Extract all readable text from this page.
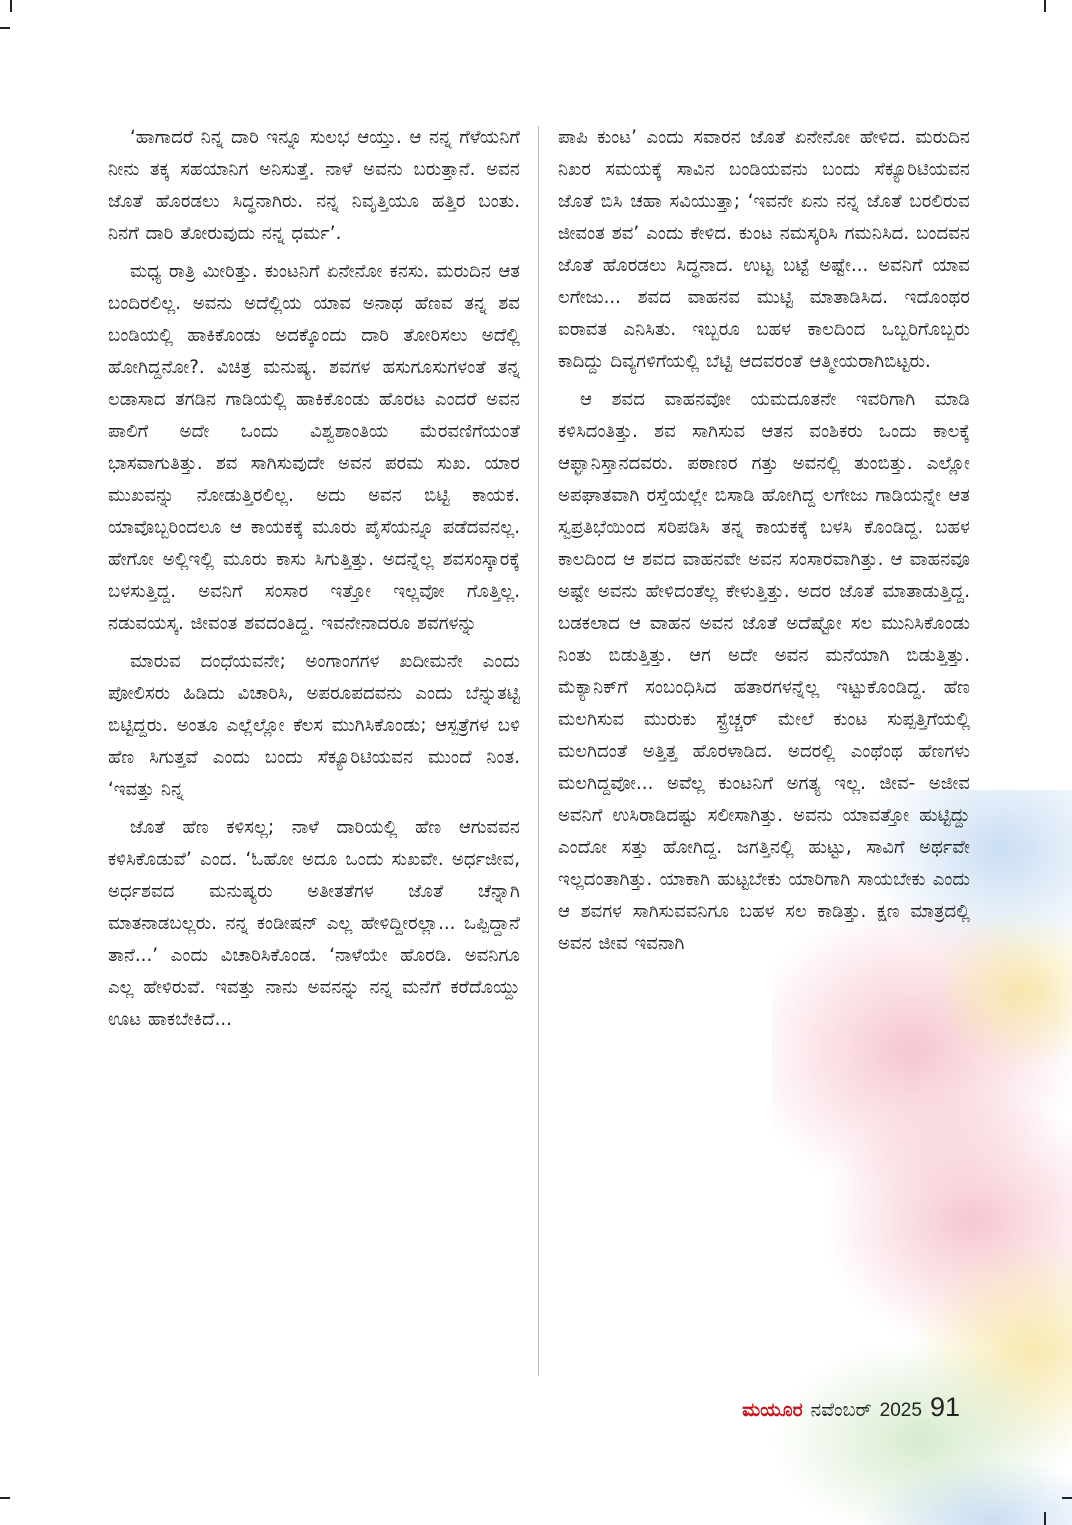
‘ಹಾಗಾದರೆ ನಿನ್ನ ದಾರಿ ಇನ್ನೂ ಸುಲಭ ಆಯ್ತು. ಆ ನನ್ನ ಗೆಳೆಯನಿಗೆ ನೀನು ತಕ್ಕ ಸಹಯಾನಿಗ ಅನಿಸುತ್ತೆ. ನಾಳೆ ಅವನು ಬರುತ್ತಾನೆ. ಅವನ ಜೊತೆ ಹೊರಡಲು ಸಿದ್ಧನಾಗಿರು. ನನ್ನ ನಿವೃತ್ತಿಯೂ ಹತ್ತಿರ ಬಂತು. ನಿನಗೆ ದಾರಿ ತೋರುವುದು ನನ್ನ ಧರ್ಮ’.

ಮಧ್ಯ ರಾತ್ರಿ ಮೀರಿತ್ತು. ಕುಂಟನಿಗೆ ಏನೇನೋ ಕನಸು. ಮರುದಿನ ಆತ ಬಂದಿರಲಿಲ್ಲ. ಅವನು ಅದೆಲ್ಲಿಯ ಯಾವ ಅನಾಥ ಹೆಣವ ತನ್ನ ಶವ ಬಂಡಿಯಲ್ಲಿ ಹಾಕಿಕೊಂಡು ಅದಕ್ಕೊಂದು ದಾರಿ ತೋರಿಸಲು ಅದೆಲ್ಲಿ ಹೋಗಿದ್ದನೋ?. ವಿಚಿತ್ರ ಮನುಷ್ಯ. ಶವಗಳ ಹಸುಗೂಸುಗಳಂತೆ ತನ್ನ ಲಡಾಸಾದ ತಗಡಿನ ಗಾಡಿಯಲ್ಲಿ ಹಾಕಿಕೊಂಡು ಹೊರಟ ಎಂದರೆ ಅವನ ಪಾಲಿಗೆ ಅದೇ ಒಂದು ವಿಶ್ವಶಾಂತಿಯ ಮೆರವಣಿಗೆಯಂತೆ ಭಾಸವಾಗುತಿತ್ತು. ಶವ ಸಾಗಿಸುವುದೇ ಅವನ ಪರಮ ಸುಖ. ಯಾರ ಮುಖವನ್ನು ನೋಡುತ್ತಿರಲಿಲ್ಲ. ಅದು ಅವನ ಬಿಟ್ಟಿ ಕಾಯಕ. ಯಾವೊಬ್ಬರಿಂದಲೂ ಆ ಕಾಯಕಕ್ಕೆ ಮೂರು ಪೈಸೆಯನ್ನೂ ಪಡೆದವನಲ್ಲ. ಹೇಗೋ ಅಲ್ಲಿಇಲ್ಲಿ ಮೂರು ಕಾಸು ಸಿಗುತ್ತಿತ್ತು. ಅದನ್ನೆಲ್ಲ ಶವಸಂಸ್ಕಾರಕ್ಕೆ ಬಳಸುತ್ತಿದ್ದ. ಅವನಿಗೆ ಸಂಸಾರ ಇತ್ತೋ ಇಲ್ಲವೋ ಗೊತ್ತಿಲ್ಲ. ನಡುವಯಸ್ಕ. ಜೀವಂತ ಶವದಂತಿದ್ದ. ಇವನೇನಾದರೂ ಶವಗಳನ್ನು

ಮಾರುವ ದಂಧೆಯವನೇ; ಅಂಗಾಂಗಗಳ ಖದೀಮನೇ ಎಂದು ಪೋಲಿಸರು ಹಿಡಿದು ವಿಚಾರಿಸಿ, ಅಪರೂಪದವನು ಎಂದು ಬೆನ್ನುತಟ್ಟಿ ಬಿಟ್ಟಿದ್ದರು. ಅಂತೂ ಎಲ್ಲೆಲ್ಲೋ ಕೆಲಸ ಮುಗಿಸಿಕೊಂಡು; ಆಸ್ಪತ್ರೆಗಳ ಬಳಿ ಹೆಣ ಸಿಗುತ್ತವೆ ಎಂದು ಬಂದು ಸೆಕ್ಯೂರಿಟಿಯವನ ಮುಂದೆ ನಿಂತ. ‘ಇವತ್ತು ನಿನ್ನ

ಜೊತೆ ಹೆಣ ಕಳಿಸಲ್ಲ; ನಾಳೆ ದಾರಿಯಲ್ಲಿ ಹೆಣ ಆಗುವವನ ಕಳಿಸಿಕೊಡುವೆ’ ಎಂದ. ‘ಓಹೋ ಅದೂ ಒಂದು ಸುಖವೇ. ಅರ್ಧಜೀವ, ಅರ್ಧಶವದ ಮನುಷ್ಯರು ಅತೀತತೆಗಳ ಜೊತೆ ಚೆನ್ನಾಗಿ ಮಾತನಾಡಬಲ್ಲರು. ನನ್ನ ಕಂಡೀಷನ್ ಎಲ್ಲ ಹೇಳಿದ್ದೀರಲ್ಲಾ... ಒಪ್ಪಿದ್ದಾನೆ ತಾನೆ...’ ಎಂದು ವಿಚಾರಿಸಿಕೊಂಡ. ‘ನಾಳೆಯೇ ಹೊರಡಿ. ಅವನಿಗೂ ಎಲ್ಲ ಹೇಳಿರುವೆ. ಇವತ್ತು ನಾನು ಅವನನ್ನು ನನ್ನ ಮನೆಗೆ ಕರೆದೊಯ್ದು ಊಟ ಹಾಕಬೇಕಿದೆ...

ಪಾಪಿ ಕುಂಟ’ ಎಂದು ಸವಾರನ ಜೊತೆ ಏನೇನೋ ಹೇಳಿದ. ಮರುದಿನ ನಿಖರ ಸಮಯಕ್ಕೆ ಸಾವಿನ ಬಂಡಿಯವನು ಬಂದು ಸೆಕ್ಯೂರಿಟಿಯವನ ಜೊತೆ ಬಿಸಿ ಚಹಾ ಸವಿಯುತ್ತಾ; ‘ಇವನೇ ಏನು ನನ್ನ ಜೊತೆ ಬರಲಿರುವ ಜೀವಂತ ಶವ’ ಎಂದು ಕೇಳಿದ. ಕುಂಟ ನಮಸ್ಕರಿಸಿ ಗಮನಿಸಿದ. ಬಂದವನ ಜೊತೆ ಹೊರಡಲು ಸಿದ್ಧನಾದ. ಉಟ್ಟ ಬಟ್ಟೆ ಅಷ್ಟೇ... ಅವನಿಗೆ ಯಾವ ಲಗೇಜು... ಶವದ ವಾಹನವ ಮುಟ್ಟಿ ಮಾತಾಡಿಸಿದ. ಇದೊಂಥರ ಐರಾವತ ಎನಿಸಿತು. ಇಬ್ಬರೂ ಬಹಳ ಕಾಲದಿಂದ ಒಬ್ಬರಿಗೊಬ್ಬರು ಕಾದಿದ್ದು ದಿವ್ಯಗಳಿಗೆಯಲ್ಲಿ ಬೆಟ್ಟಿ ಆದವರಂತೆ ಆತ್ಮೀಯರಾಗಿಬಿಟ್ಟರು.

ಆ ಶವದ ವಾಹನವೋ ಯಮದೂತನೇ ಇವರಿಗಾಗಿ ಮಾಡಿ ಕಳಿಸಿದಂತಿತ್ತು. ಶವ ಸಾಗಿಸುವ ಆತನ ವಂಶಿಕರು ಒಂದು ಕಾಲಕ್ಕೆ ಆಫ್ಘಾನಿಸ್ತಾನದವರು. ಪಠಾಣರ ಗತ್ತು ಅವನಲ್ಲಿ ತುಂಬಿತ್ತು. ಎಲ್ಲೋ ಅಪಘಾತವಾಗಿ ರಸ್ತೆಯಲ್ಲೇ ಬಿಸಾಡಿ ಹೋಗಿದ್ದ ಲಗೇಜು ಗಾಡಿಯನ್ನೇ ಆತ ಸ್ವಪ್ರತಿಭೆಯಿಂದ ಸರಿಪಡಿಸಿ ತನ್ನ ಕಾಯಕಕ್ಕೆ ಬಳಸಿ ಕೊಂಡಿದ್ದ. ಬಹಳ ಕಾಲದಿಂದ ಆ ಶವದ ವಾಹನವೇ ಅವನ ಸಂಸಾರವಾಗಿತ್ತು. ಆ ವಾಹನವೂ ಅಷ್ಟೇ ಅವನು ಹೇಳಿದಂತೆಲ್ಲ ಕೇಳುತ್ತಿತ್ತು. ಅದರ ಜೊತೆ ಮಾತಾಡುತ್ತಿದ್ದ. ಬಡಕಲಾದ ಆ ವಾಹನ ಅವನ ಜೊತೆ ಅದೆಷ್ಟೋ ಸಲ ಮುನಿಸಿಕೊಂಡು ನಿಂತು ಬಿಡುತ್ತಿತ್ತು. ಆಗ ಅದೇ ಅವನ ಮನೆಯಾಗಿ ಬಿಡುತ್ತಿತ್ತು. ಮೆಕ್ಯಾನಿಕ್‌ಗೆ ಸಂಬಂಧಿಸಿದ ಹತಾರಗಳನ್ನೆಲ್ಲ ಇಟ್ಟುಕೊಂಡಿದ್ದ. ಹೆಣ ಮಲಗಿಸುವ ಮುರುಕು ಸ್ಟ್ರೆಚ್ಚರ್ ಮೇಲೆ ಕುಂಟ ಸುಪ್ಪತ್ತಿಗೆಯಲ್ಲಿ ಮಲಗಿದಂತೆ ಅತ್ತಿತ್ತ ಹೊರಳಾಡಿದ. ಅದರಲ್ಲಿ ಎಂಥೆಂಥ ಹೆಣಗಳು ಮಲಗಿದ್ದವೋ... ಅವೆಲ್ಲ ಕುಂಟನಿಗೆ ಅಗತ್ಯ ಇಲ್ಲ. ಜೀವ- ಅಜೀವ ಅವನಿಗೆ ಉಸಿರಾಡಿದಷ್ಟು ಸಲೀಸಾಗಿತ್ತು. ಅವನು ಯಾವತ್ತೋ ಹುಟ್ಟಿದ್ದು ಎಂದೋ ಸತ್ತು ಹೋಗಿದ್ದ. ಜಗತ್ತಿನಲ್ಲಿ ಹುಟ್ಟು, ಸಾವಿಗೆ ಅರ್ಥವೇ ಇಲ್ಲದಂತಾಗಿತ್ತು. ಯಾಕಾಗಿ ಹುಟ್ಟಬೇಕು ಯಾರಿಗಾಗಿ ಸಾಯಬೇಕು ಎಂದು ಆ ಶವಗಳ ಸಾಗಿಸುವವನಿಗೂ ಬಹಳ ಸಲ ಕಾಡಿತ್ತು. ಕ್ಷಣ ಮಾತ್ರದಲ್ಲಿ ಅವನ ಜೀವ ಇವನಾಗಿ

ಮಯೂರ ನವೆಂಬರ್ 2025 91
